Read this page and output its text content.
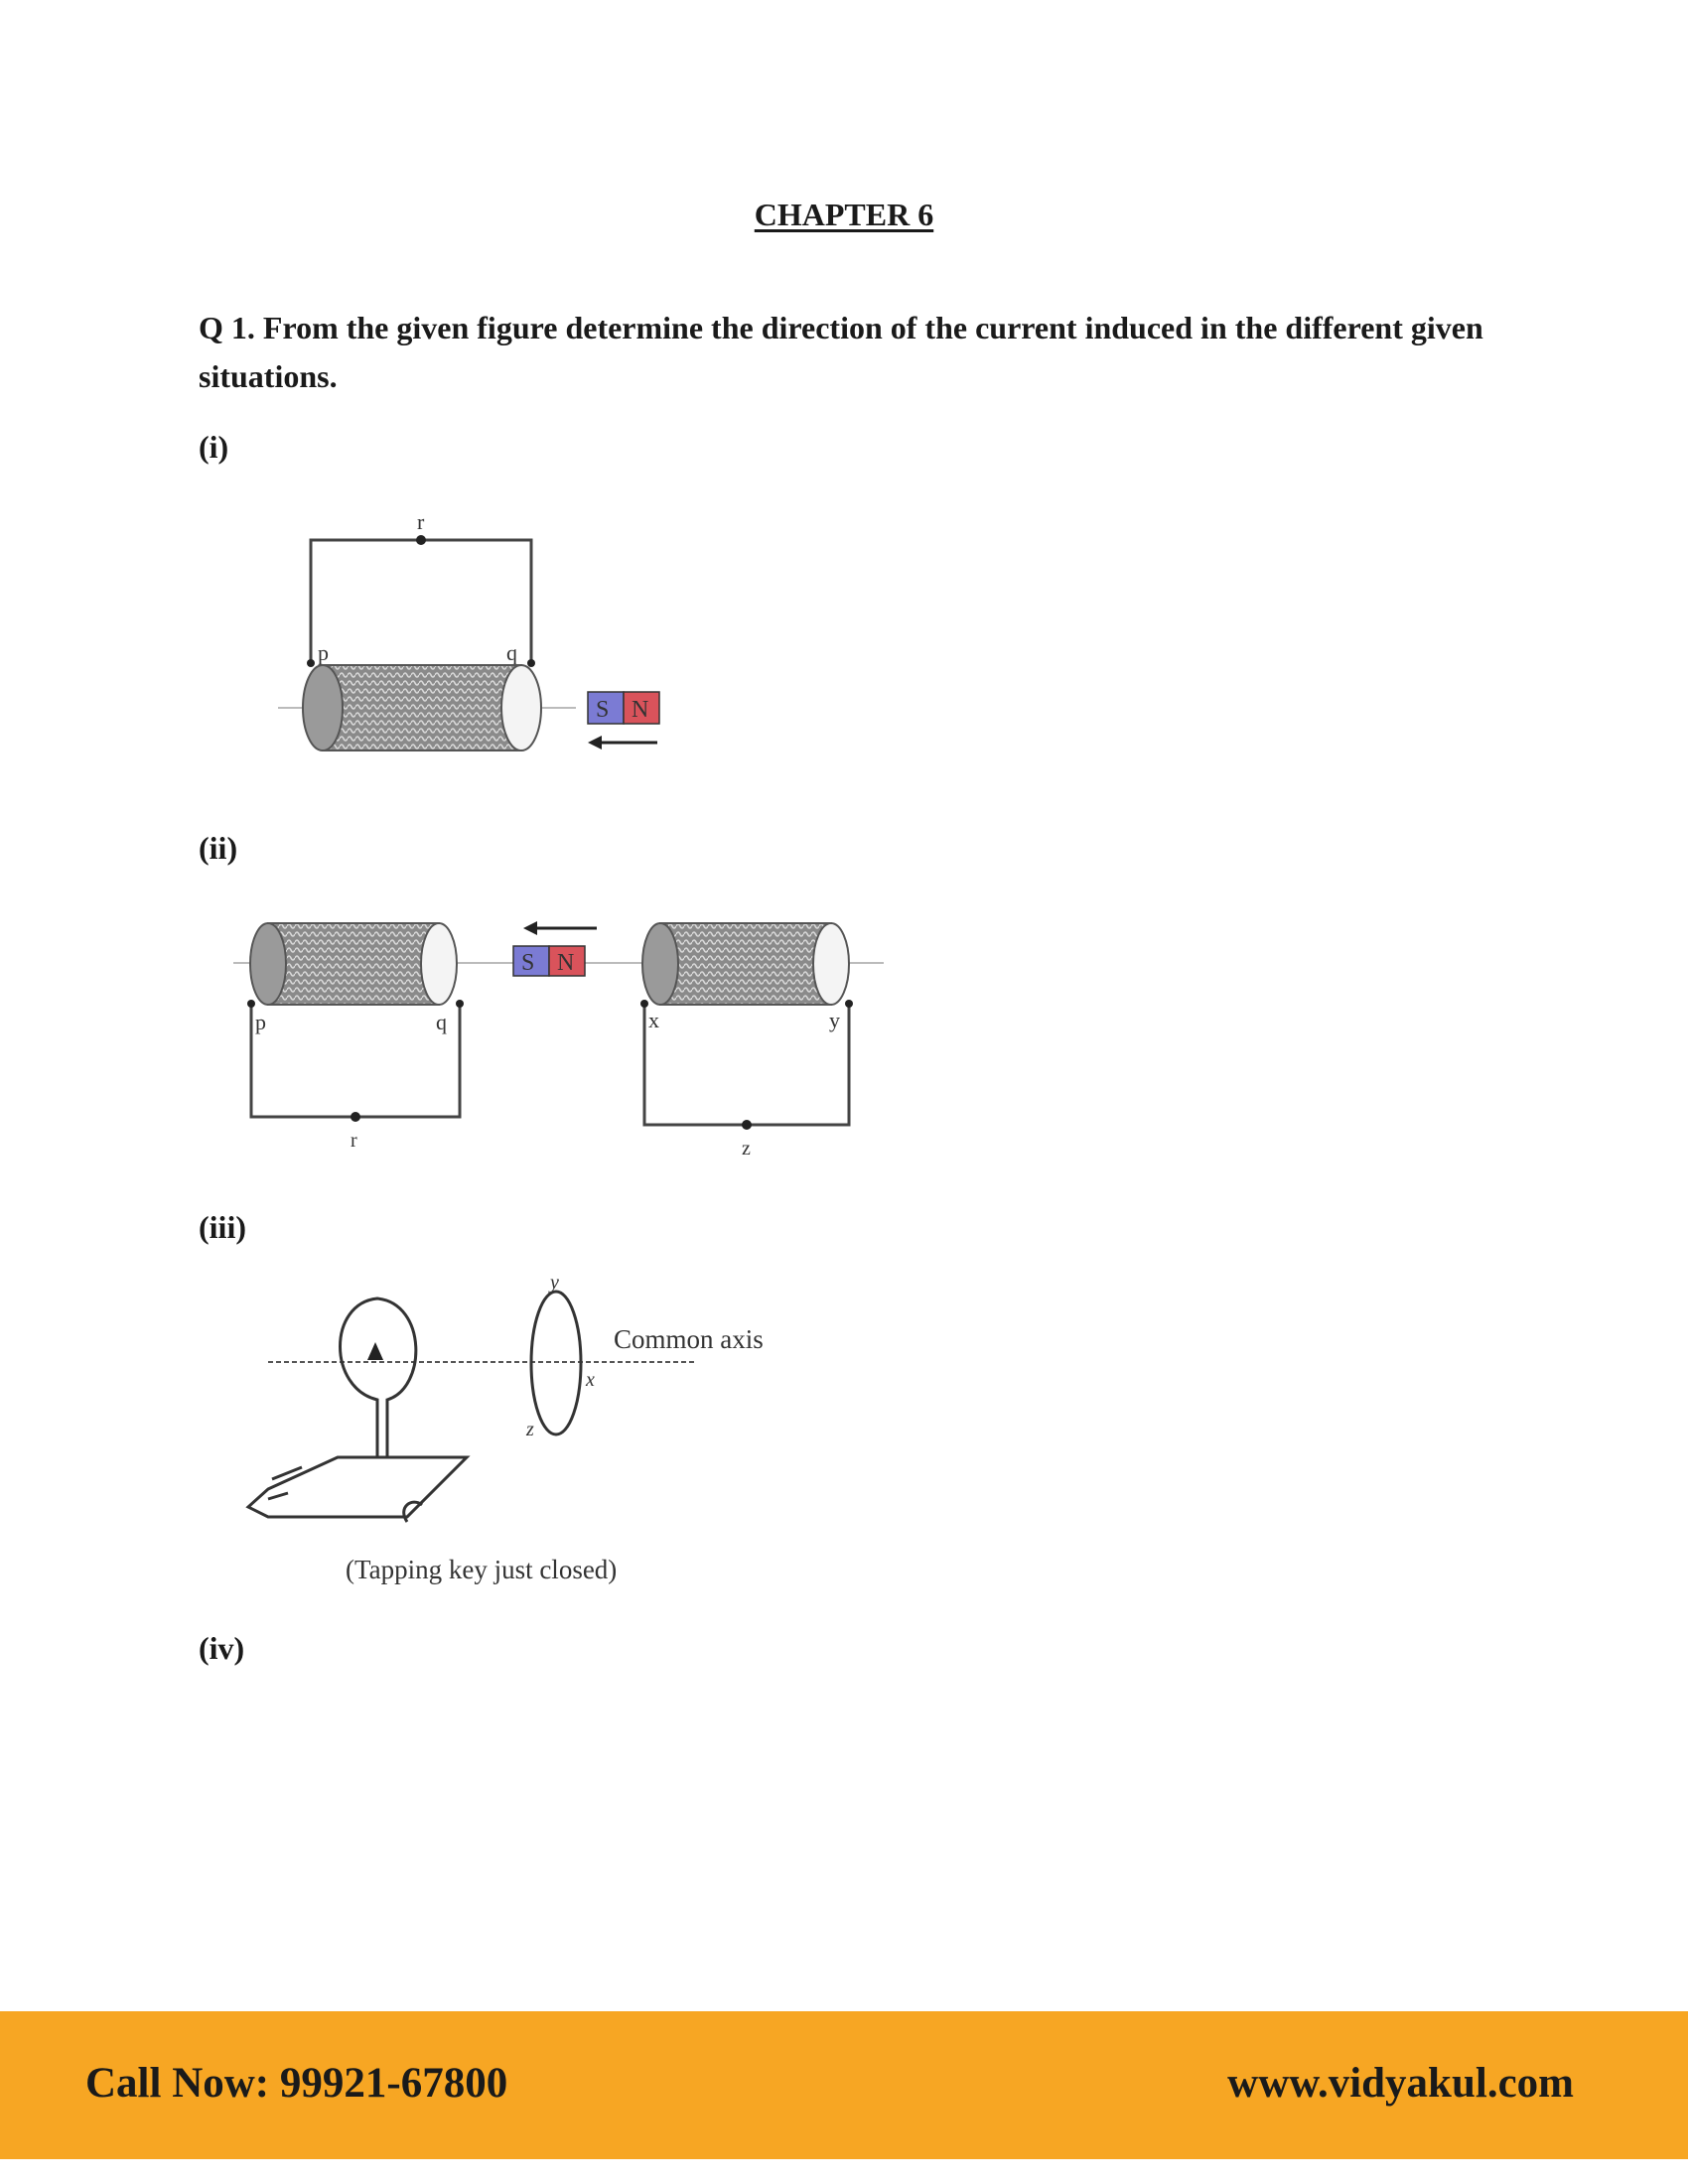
CHAPTER 6
Q 1. From the given figure determine the direction of the current induced in the different given situations.
(i)
r
p	q
S N
(ii)
p	q
r
S N
x	y
z
(iii)
Common axis
y
x
z
(Tapping key just closed)
(iv)
Call Now: 99921-67800	www.vidyakul.com
